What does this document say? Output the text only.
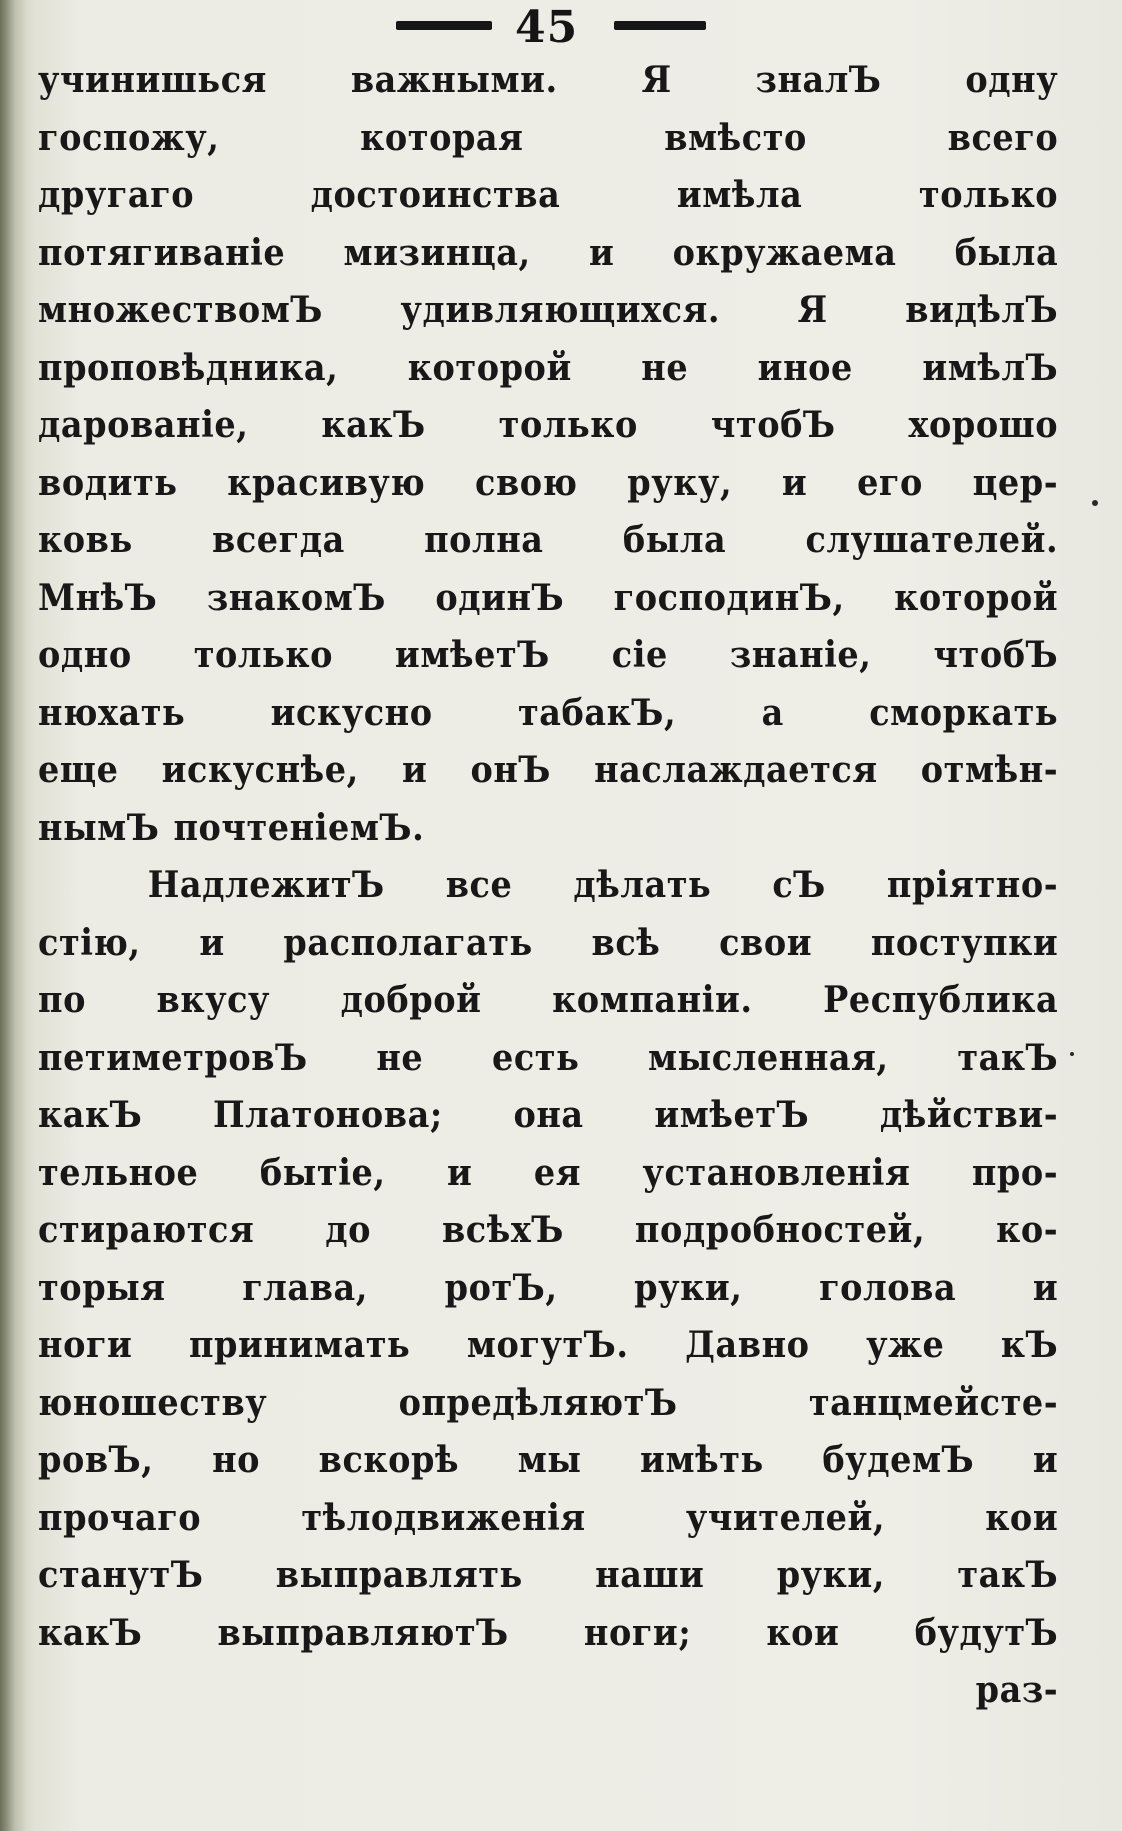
45
учинишься важными. Я зналЪ одну
госпожу, которая вмѣсто всего
другаго достоинства имѣла только
потягиванiе мизинца, и окружаема была
множествомЪ удивляющихся. Я видѣлЪ
проповѣдника, которой не иное имѣлЪ
дарованiе, какЪ только чтобЪ хорошо
водить красивую свою руку, и его цер-
ковь всегда полна была слушателей.
МнѣЪ знакомЪ одинЪ господинЪ, которой
одно только имѣетЪ сiе знанiе, чтобЪ
нюхать искусно табакЪ, а сморкать
еще искуснѣе, и онЪ наслаждается отмѣн-
нымЪ почтенiемЪ.
НадлежитЪ все дѣлать сЪ прiятно-
стiю, и располагать всѣ свои поступки
по вкусу доброй компанiи. Республика
петиметровЪ не есть мысленная, такЪ
какЪ Платонова; она имѣетЪ дѣйстви-
тельное бытiе, и ея установленiя про-
стираются до всѣхЪ подробностей, ко-
торыя глава, ротЪ, руки, голова и
ноги принимать могутЪ. Давно уже кЪ
юношеству опредѣляютЪ танцмейсте-
ровЪ, но вскорѣ мы имѣть будемЪ и
прочаго тѣлодвиженiя учителей, кои
станутЪ выправлять наши руки, такЪ
какЪ выправляютЪ ноги; кои будутЪ
раз-
